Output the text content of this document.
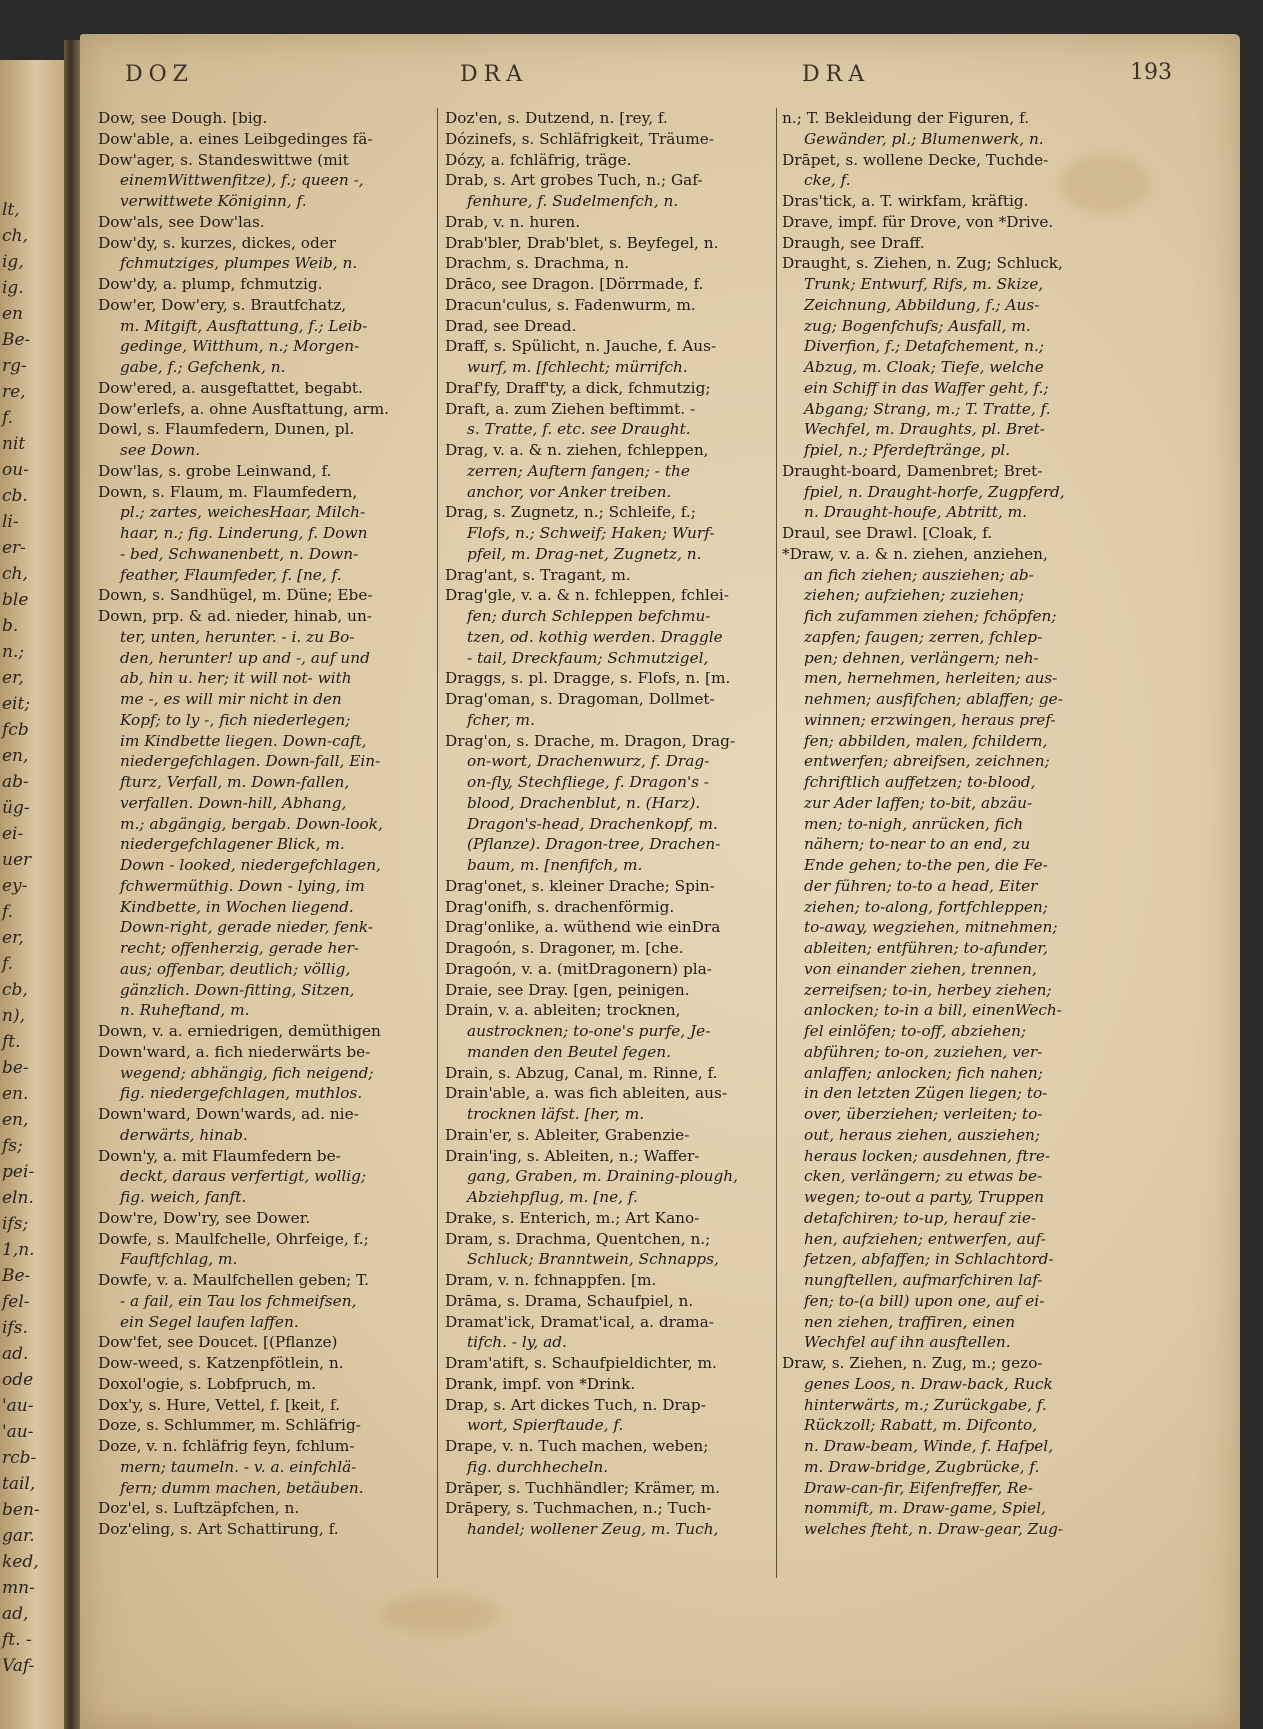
lt,
ch,
ig,
ig.
en
Be-
rg-
re,
f.
nit
ou-
cb.
li-
er-
ch,
ble
b.
n.;
er,
eit;
fcb
en,
ab-
üg-
ei-
uer
ey-
f.
er,
f.
cb,
n),
ft.
be-
en.
en,
fs;
pei-
eln.
ifs;
1,n.
Be-
fel-
ifs.
ad.
ode
'au-
'au-
rcb-
tail,
ben-
gar.
ked,
mn-
ad,
ft. -
Vaf-
DOZ	DRA	DRA	193
Dow, see Dough. [big.
Dow'able, a. eines Leibgedinges fä-
Dow'ager, s. Standeswittwe (mit
einemWittwenfitze), f.; queen -,
verwittwete Königinn, f.
Dow'als, see Dow'las.
Dow'dy, s. kurzes, dickes, oder
fchmutziges, plumpes Weib, n.
Dow'dy, a. plump, fchmutzig.
Dow'er, Dow'ery, s. Brautfchatz,
m. Mitgift, Ausftattung, f.; Leib-
gedinge, Witthum, n.; Morgen-
gabe, f.; Gefchenk, n.
Dow'ered, a. ausgeftattet, begabt.
Dow'erlefs, a. ohne Ausftattung, arm.
Dowl, s. Flaumfedern, Dunen, pl.
see Down.
Dow'las, s. grobe Leinwand, f.
Down, s. Flaum, m. Flaumfedern,
pl.; zartes, weichesHaar, Milch-
haar, n.; fig. Linderung, f. Down
- bed, Schwanenbett, n. Down-
feather, Flaumfeder, f. [ne, f.
Down, s. Sandhügel, m. Düne; Ebe-
Down, prp. & ad. nieder, hinab, un-
ter, unten, herunter. - i. zu Bo-
den, herunter! up and -, auf und
ab, hin u. her; it will not- with
me -, es will mir nicht in den
Kopf; to ly -, fich niederlegen;
im Kindbette liegen. Down-caft,
niedergefchlagen. Down-fall, Ein-
fturz, Verfall, m. Down-fallen,
verfallen. Down-hill, Abhang,
m.; abgängig, bergab. Down-look,
niedergefchlagener Blick, m.
Down - looked, niedergefchlagen,
fchwermüthig. Down - lying, im
Kindbette, in Wochen liegend.
Down-right, gerade nieder, fenk-
recht; offenherzig, gerade her-
aus; offenbar, deutlich; völlig,
gänzlich. Down-fitting, Sitzen,
n. Ruheftand, m.
Down, v. a. erniedrigen, demüthigen
Down'ward, a. fich niederwärts be-
wegend; abhängig, fich neigend;
fig. niedergefchlagen, muthlos.
Down'ward, Down'wards, ad. nie-
derwärts, hinab.
Down'y, a. mit Flaumfedern be-
deckt, daraus verfertigt, wollig;
fig. weich, fanft.
Dow're, Dow'ry, see Dower.
Dowfe, s. Maulfchelle, Ohrfeige, f.;
Fauftfchlag, m.
Dowfe, v. a. Maulfchellen geben; T.
- a fail, ein Tau los fchmeifsen,
ein Segel laufen laffen.
Dow'fet, see Doucet. [(Pflanze)
Dow-weed, s. Katzenpfötlein, n.
Doxol'ogie, s. Lobfpruch, m.
Dox'y, s. Hure, Vettel, f. [keit, f.
Doze, s. Schlummer, m. Schläfrig-
Doze, v. n. fchläfrig feyn, fchlum-
mern; taumeln. - v. a. einfchlä-
fern; dumm machen, betäuben.
Doz'el, s. Luftzäpfchen, n.
Doz'eling, s. Art Schattirung, f.
Doz'en, s. Dutzend, n. [rey, f.
Dózinefs, s. Schläfrigkeit, Träume-
Dózy, a. fchläfrig, träge.
Drab, s. Art grobes Tuch, n.; Gaf-
fenhure, f. Sudelmenfch, n.
Drab, v. n. huren.
Drab'bler, Drab'blet, s. Beyfegel, n.
Drachm, s. Drachma, n.
Drāco, see Dragon. [Dörrmade, f.
Dracun'culus, s. Fadenwurm, m.
Drad, see Dread.
Draff, s. Spülicht, n. Jauche, f. Aus-
wurf, m. [fchlecht; mürrifch.
Draf'fy, Draff'ty, a dick, fchmutzig;
Draft, a. zum Ziehen beftimmt. -
s. Tratte, f. etc. see Draught.
Drag, v. a. & n. ziehen, fchleppen,
zerren; Auftern fangen; - the
anchor, vor Anker treiben.
Drag, s. Zugnetz, n.; Schleife, f.;
Flofs, n.; Schweif; Haken; Wurf-
pfeil, m. Drag-net, Zugnetz, n.
Drag'ant, s. Tragant, m.
Drag'gle, v. a. & n. fchleppen, fchlei-
fen; durch Schleppen befchmu-
tzen, od. kothig werden. Draggle
- tail, Dreckfaum; Schmutzigel,
Draggs, s. pl. Dragge, s. Flofs, n. [m.
Drag'oman, s. Dragoman, Dollmet-
fcher, m.
Drag'on, s. Drache, m. Dragon, Drag-
on-wort, Drachenwurz, f. Drag-
on-fly, Stechfliege, f. Dragon's -
blood, Drachenblut, n. (Harz).
Dragon's-head, Drachenkopf, m.
(Pflanze). Dragon-tree, Drachen-
baum, m. [nenfifch, m.
Drag'onet, s. kleiner Drache; Spin-
Drag'onifh, s. drachenförmig.
Drag'onlike, a. wüthend wie einDra
Dragoón, s. Dragoner, m. [che.
Dragoón, v. a. (mitDragonern) pla-
Draie, see Dray. [gen, peinigen.
Drain, v. a. ableiten; trocknen,
austrocknen; to-one's purfe, Je-
manden den Beutel fegen.
Drain, s. Abzug, Canal, m. Rinne, f.
Drain'able, a. was fich ableiten, aus-
trocknen läfst. [her, m.
Drain'er, s. Ableiter, Grabenzie-
Drain'ing, s. Ableiten, n.; Waffer-
gang, Graben, m. Draining-plough,
Abziehpflug, m. [ne, f.
Drake, s. Enterich, m.; Art Kano-
Dram, s. Drachma, Quentchen, n.;
Schluck; Branntwein, Schnapps,
Dram, v. n. fchnappfen. [m.
Drāma, s. Drama, Schaufpiel, n.
Dramat'ick, Dramat'ical, a. drama-
tifch. - ly, ad.
Dram'atift, s. Schaufpieldichter, m.
Drank, impf. von *Drink.
Drap, s. Art dickes Tuch, n. Drap-
wort, Spierftaude, f.
Drape, v. n. Tuch machen, weben;
fig. durchhecheln.
Drāper, s. Tuchhändler; Krämer, m.
Drāpery, s. Tuchmachen, n.; Tuch-
handel; wollener Zeug, m. Tuch,
n.; T. Bekleidung der Figuren, f.
Gewänder, pl.; Blumenwerk, n.
Drāpet, s. wollene Decke, Tuchde-
cke, f.
Dras'tick, a. T. wirkfam, kräftig.
Drave, impf. für Drove, von *Drive.
Draugh, see Draff.
Draught, s. Ziehen, n. Zug; Schluck,
Trunk; Entwurf, Rifs, m. Skize,
Zeichnung, Abbildung, f.; Aus-
zug; Bogenfchufs; Ausfall, m.
Diverfion, f.; Detafchement, n.;
Abzug, m. Cloak; Tiefe, welche
ein Schiff in das Waffer geht, f.;
Abgang; Strang, m.; T. Tratte, f.
Wechfel, m. Draughts, pl. Bret-
fpiel, n.; Pferdeftränge, pl.
Draught-board, Damenbret; Bret-
fpiel, n. Draught-horfe, Zugpferd,
n. Draught-houfe, Abtritt, m.
Draul, see Drawl. [Cloak, f.
*Draw, v. a. & n. ziehen, anziehen,
an fich ziehen; ausziehen; ab-
ziehen; aufziehen; zuziehen;
fich zufammen ziehen; fchöpfen;
zapfen; faugen; zerren, fchlep-
pen; dehnen, verlängern; neh-
men, hernehmen, herleiten; aus-
nehmen; ausfifchen; ablaffen; ge-
winnen; erzwingen, heraus pref-
fen; abbilden, malen, fchildern,
entwerfen; abreifsen, zeichnen;
fchriftlich auffetzen; to-blood,
zur Ader laffen; to-bit, abzäu-
men; to-nigh, anrücken, fich
nähern; to-near to an end, zu
Ende gehen; to-the pen, die Fe-
der führen; to-to a head, Eiter
ziehen; to-along, fortfchleppen;
to-away, wegziehen, mitnehmen;
ableiten; entführen; to-afunder,
von einander ziehen, trennen,
zerreifsen; to-in, herbey ziehen;
anlocken; to-in a bill, einenWech-
fel einlöfen; to-off, abziehen;
abführen; to-on, zuziehen, ver-
anlaffen; anlocken; fich nahen;
in den letzten Zügen liegen; to-
over, überziehen; verleiten; to-
out, heraus ziehen, ausziehen;
heraus locken; ausdehnen, ftre-
cken, verlängern; zu etwas be-
wegen; to-out a party, Truppen
detafchiren; to-up, herauf zie-
hen, aufziehen; entwerfen, auf-
fetzen, abfaffen; in Schlachtord-
nungftellen, aufmarfchiren laf-
fen; to-(a bill) upon one, auf ei-
nen ziehen, traffiren, einen
Wechfel auf ihn ausftellen.
Draw, s. Ziehen, n. Zug, m.; gezo-
genes Loos, n. Draw-back, Ruck
hinterwärts, m.; Zurückgabe, f.
Rückzoll; Rabatt, m. Difconto,
n. Draw-beam, Winde, f. Hafpel,
m. Draw-bridge, Zugbrücke, f.
Draw-can-fir, Eifenfreffer, Re-
nommift, m. Draw-game, Spiel,
welches fteht, n. Draw-gear, Zug-
